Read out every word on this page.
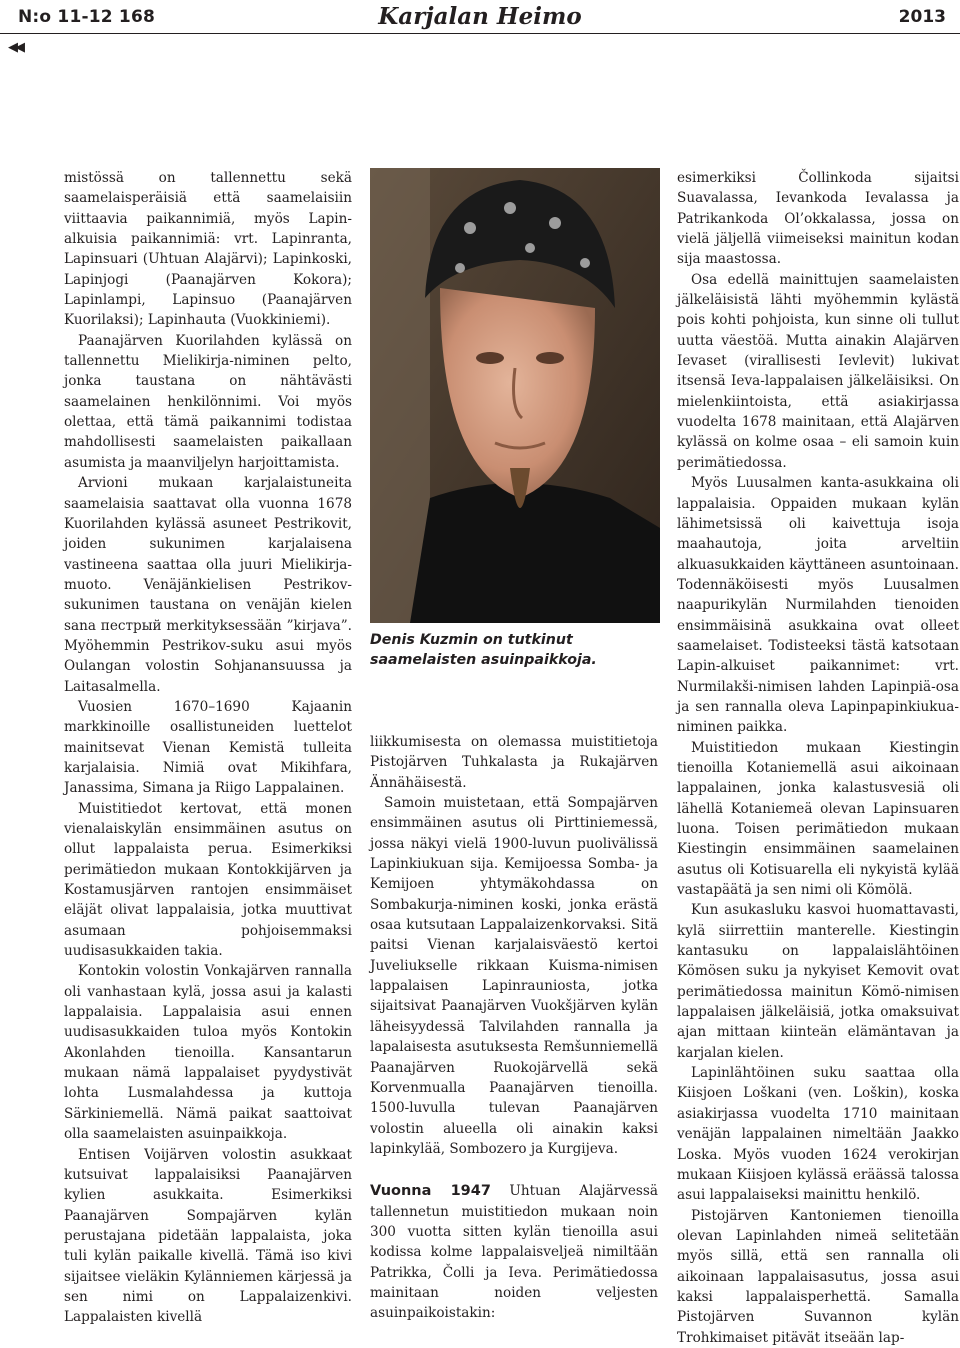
N:o 11-12 168	Karjalan Heimo	2013
◀◀

mistössä on tallennettu sekä saamelaisperäisiä että saamelaisiin viittaavia paikannimiä, myös Lapin-alkuisia paikannimiä: vrt. Lapinranta, Lapinsuari (Uhtuan Alajärvi); Lapinkoski, Lapinjogi (Paanajärven Kokora); Lapinlampi, Lapinsuo (Paanajärven Kuorilaksi); Lapinhauta (Vuokkiniemi).

Paanajärven Kuorilahden kylässä on tallennettu Mielikirja-niminen pelto, jonka taustana on nähtävästi saamelainen henkilönnimi. Voi myös olettaa, että tämä paikannimi todistaa mahdollisesti saamelaisten paikallaan asumista ja maanviljelyn harjoittamista.

Arvioni mukaan karjalaistuneita saamelaisia saattavat olla vuonna 1678 Kuorilahden kylässä asuneet Pestrikovit, joiden sukunimen karjalaisena vastineena saattaa olla juuri Mielikirja-muoto. Venäjänkielisen Pestrikov-sukunimen taustana on venäjän kielen sana пестрый merkityksessään ”kirjava”. Myöhemmin Pestrikov-suku asui myös Oulangan volostin Sohjanansuussa ja Laitasalmella.

Vuosien 1670–1690 Kajaanin markkinoille osallistuneiden luettelot mainitsevat Vienan Kemistä tulleita karjalaisia. Nimiä ovat Mikihfara, Janassima, Simana ja Riigo Lappalainen.

Muistitiedot kertovat, että monen vienalaiskylän ensimmäinen asutus on ollut lappalaista perua. Esimerkiksi perimätiedon mukaan Kontokkijärven ja Kostamusjärven rantojen ensimmäiset eläjät olivat lappalaisia, jotka muuttivat asumaan pohjoisemmaksi uudisasukkaiden takia.

Kontokin volostin Vonkajärven rannalla oli vanhastaan kylä, jossa asui ja kalasti lappalaisia. Lappalaisia asui ennen uudisasukkaiden tuloa myös Kontokin Akonlahden tienoilla. Kansantarun mukaan nämä lappalaiset pyydystivät lohta Lusmalahdessa ja kuttoja Särkiniemellä. Nämä paikat saattoivat olla saamelaisten asuinpaikkoja.

Entisen Voijärven volostin asukkaat kutsuivat lappalaisiksi Paanajärven kylien asukkaita. Esimerkiksi Paanajärven Sompajärven kylän perustajana pidetään lappalaista, joka tuli kylän paikalle kivellä. Tämä iso kivi sijaitsee vieläkin Kylänniemen kärjessä ja sen nimi on Lappalaizenkivi. Lappalaisten kivellä

Denis Kuzmin on tutkinut saamelaisten asuinpaikkoja.

liikkumisesta on olemassa muistitietoja Pistojärven Tuhkalasta ja Rukajärven Ännähäisestä.

Samoin muistetaan, että Sompajärven ensimmäinen asutus oli Pirttiniemessä, jossa näkyi vielä 1900-luvun puolivälissä Lapinkiukuan sija. Kemijoessa Somba- ja Kemijoen yhtymäkohdassa on Sombakurja-niminen koski, jonka erästä osaa kutsutaan Lappalaizenkorvaksi. Sitä paitsi Vienan karjalaisväestö kertoi Juveliukselle rikkaan Kuisma-nimisen lappalaisen Lapinrauniosta, jotka sijaitsivat Paanajärven Vuokšjärven kylän läheisyydessä Talvilahden rannalla ja lapalaisesta asutuksesta Remšunniemellä Paanajärven Ruokojärvellä sekä Korvenmualla Paanajärven tienoilla. 1500-luvulla tulevan Paanajärven volostin alueella oli ainakin kaksi lapinkylää, Sombozero ja Kurgijeva.

Vuonna 1947 Uhtuan Alajärvessä tallennetun muistitiedon mukaan noin 300 vuotta sitten kylän tienoilla asui kodissa kolme lappalaisveljeä nimiltään Patrikka, Čolli ja Ieva. Perimätiedossa mainitaan noiden veljesten asuinpaikoistakin:

esimerkiksi Čollinkoda sijaitsi Suavalassa, Ievankoda Ievalassa ja Patrikankoda Ol’okkalassa, jossa on vielä jäljellä viimeiseksi mainitun kodan sija maastossa.

Osa edellä mainittujen saamelaisten jälkeläisistä lähti myöhemmin kylästä pois kohti pohjoista, kun sinne oli tullut uutta väestöä. Mutta ainakin Alajärven Ievaset (virallisesti Ievlevit) lukivat itsensä Ieva-lappalaisen jälkeläisiksi. On mielenkiintoista, että asiakirjassa vuodelta 1678 mainitaan, että Alajärven kylässä on kolme osaa – eli samoin kuin perimätiedossa.

Myös Luusalmen kanta-asukkaina oli lappalaisia. Oppaiden mukaan kylän lähimetsissä oli kaivettuja isoja maahautoja, joita arveltiin alkuasukkaiden käyttäneen asuntoinaan. Todennäköisesti myös Luusalmen naapurikylän Nurmilahden tienoiden ensimmäisinä asukkaina ovat olleet saamelaiset. Todisteeksi tästä katsotaan Lapin-alkuiset paikannimet: vrt. Nurmilakši-nimisen lahden Lapinpiä-osa ja sen rannalla oleva Lapinpapinkiukua-niminen paikka.

Muistitiedon mukaan Kiestingin tienoilla Kotaniemellä asui aikoinaan lappalainen, jonka kalastusvesiä oli lähellä Kotaniemeä olevan Lapinsuaren luona. Toisen perimätiedon mukaan Kiestingin ensimmäinen saamelainen asutus oli Kotisuarella eli nykyistä kylää vastapäätä ja sen nimi oli Kömölä.

Kun asukasluku kasvoi huomattavasti, kylä siirrettiin manterelle. Kiestingin kantasuku on lappalaislähtöinen Kömösen suku ja nykyiset Kemovit ovat perimätiedossa mainitun Kömö-nimisen lappalaisen jälkeläisiä, jotka omaksuivat ajan mittaan kiinteän elämäntavan ja karjalan kielen.

Lapinlähtöinen suku saattaa olla Kiisjoen Loškani (ven. Loškin), koska asiakirjassa vuodelta 1710 mainitaan venäjän lappalainen nimeltään Jaakko Loska. Myös vuoden 1624 verokirjan mukaan Kiisjoen kylässä eräässä talossa asui lappalaiseksi mainittu henkilö.

Pistojärven Kantoniemen tienoilla olevan Lapinlahden nimeä selitetään myös sillä, että sen rannalla oli aikoinaan lappalaisasutus, jossa asui kaksi lappalaisperhettä. Samalla Pistojärven Suvannon kylän Trohkimaiset pitävät itseään lap-
